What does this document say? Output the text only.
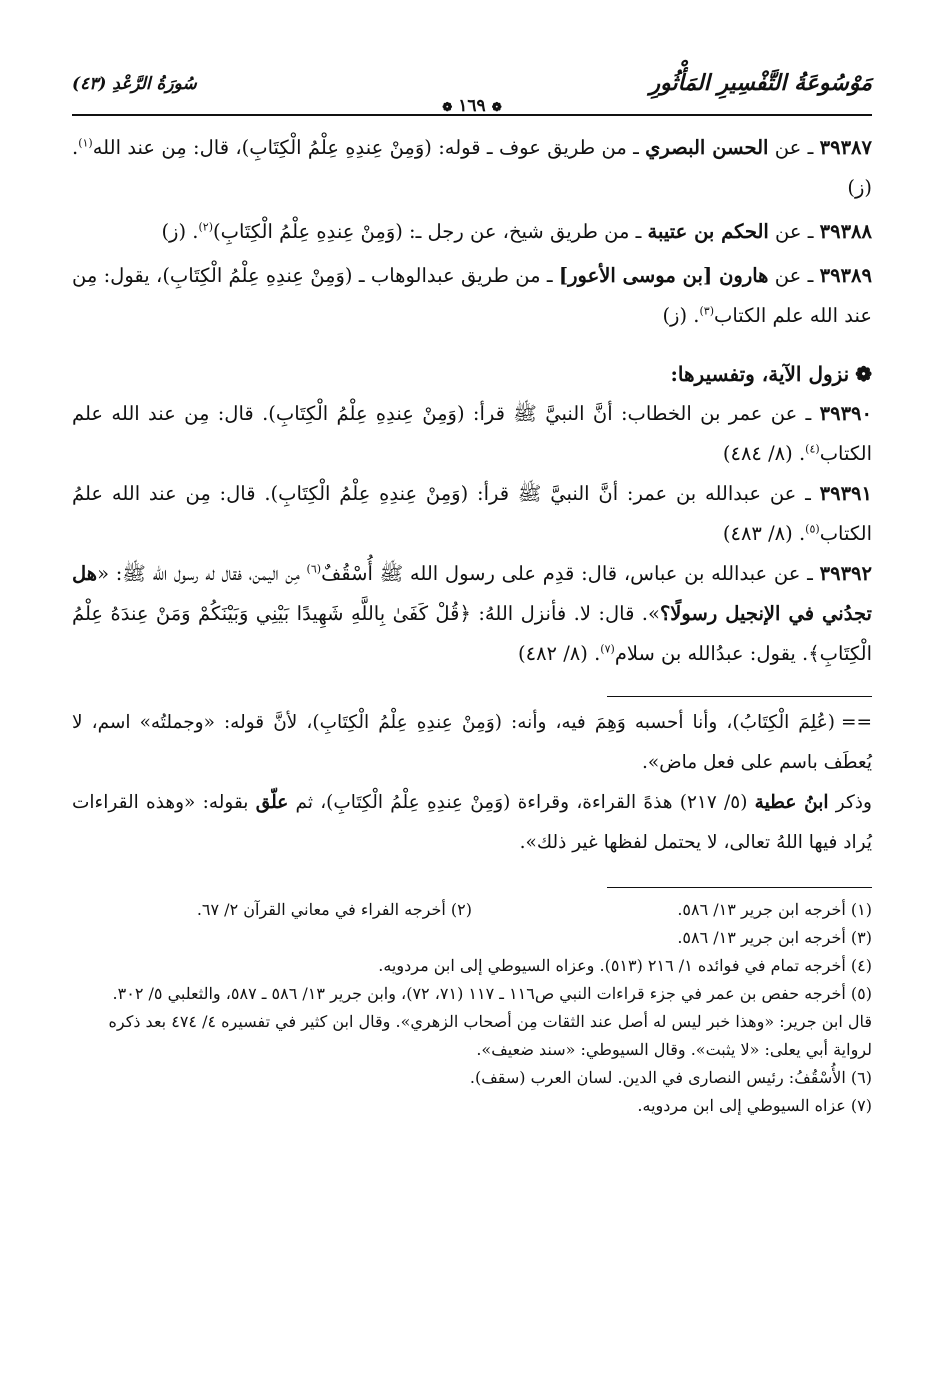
مَوْسُوعَةُ التَّفْسِيرِ المَأْثُورِ
سُورَةُ الرَّعْدِ (٤٣)
❁١٦٩❁

٣٩٣٨٧ ـ عن الحسن البصري ـ من طريق عوف ـ قوله: (وَمِنْ عِندِهِ عِلْمُ الْكِتَابِ)، قال: مِن عند الله$^{(١)}$. (ز)

٣٩٣٨٨ ـ عن الحكم بن عتيبة ـ من طريق شيخ، عن رجل ـ: (وَمِنْ عِندِهِ عِلْمُ الْكِتَابِ)$^{(٢)}$. (ز)

٣٩٣٨٩ ـ عن هارون [بن موسى الأعور] ـ من طريق عبدالوهاب ـ (وَمِنْ عِندِهِ عِلْمُ الْكِتَابِ)، يقول: مِن عند الله علم الكتاب$^{(٣)}$. (ز)

❁نزول الآية، وتفسيرها:

٣٩٣٩٠ ـ عن عمر بن الخطاب: أنَّ النبيَّ ﷺ قرأ: (وَمِنْ عِندِهِ عِلْمُ الْكِتَابِ). قال: مِن عند الله علم الكتاب$^{(٤)}$. (٨/ ٤٨٤)

٣٩٣٩١ ـ عن عبدالله بن عمر: أنَّ النبيَّ ﷺ قرأ: (وَمِنْ عِندِهِ عِلْمُ الْكِتَابِ). قال: مِن عند الله علمُ الكتاب$^{(٥)}$. (٨/ ٤٨٣)

٣٩٣٩٢ ـ عن عبدالله بن عباس، قال: قدِم على رسول الله ﷺ أُسْقُفٌ$^{(٦)}$ مِن اليمن، فقال له رسول الله ﷺ: «هل تجدُني في الإنجيل رسولًا؟». قال: لا. فأنزل اللهُ: ﴿قُلْ كَفَىٰ بِاللَّهِ شَهِيدًا بَيْنِي وَبَيْنَكُمْ وَمَنْ عِندَهُ عِلْمُ الْكِتَابِ﴾. يقول: عبدُالله بن سلام$^{(٧)}$. (٨/ ٤٨٢)

==(عُلِمَ الْكِتَابُ)، وأنا أحسبه وَهِمَ فيه، وأنه: (وَمِنْ عِندِهِ عِلْمُ الْكِتَابِ)، لأنَّ قوله: «وجملتُه» اسم، لا يُعطَف باسم على فعل ماض».

وذكر ابنُ عطية (٥/ ٢١٧) هذهً القراءة، وقراءة (وَمِنْ عِندِهِ عِلْمُ الْكِتَابِ)، ثم علّق بقوله: «وهذه القراءات يُراد فيها اللهُ تعالى، لا يحتمل لفظها غير ذلك».

(١) أخرجه ابن جرير ١٣/ ٥٨٦.

(٢) أخرجه الفراء في معاني القرآن ٢/ ٦٧.

(٣) أخرجه ابن جرير ١٣/ ٥٨٦.

(٤) أخرجه تمام في فوائده ١/ ٢١٦ (٥١٣). وعزاه السيوطي إلى ابن مردويه.

(٥) أخرجه حفص بن عمر في جزء قراءات النبي ص١١٦ ـ ١١٧ (٧١، ٧٢)، وابن جرير ١٣/ ٥٨٦ ـ ٥٨٧، والثعلبي ٥/ ٣٠٢.

قال ابن جرير: «وهذا خبر ليس له أصل عند الثقات مِن أصحاب الزهري». وقال ابن كثير في تفسيره ٤/ ٤٧٤ بعد ذكره لرواية أبي يعلى: «لا يثبت». وقال السيوطي: «سند ضعيف».

(٦) الأُسْقُفُ: رئيس النصارى في الدين. لسان العرب (سقف).

(٧) عزاه السيوطي إلى ابن مردويه.
